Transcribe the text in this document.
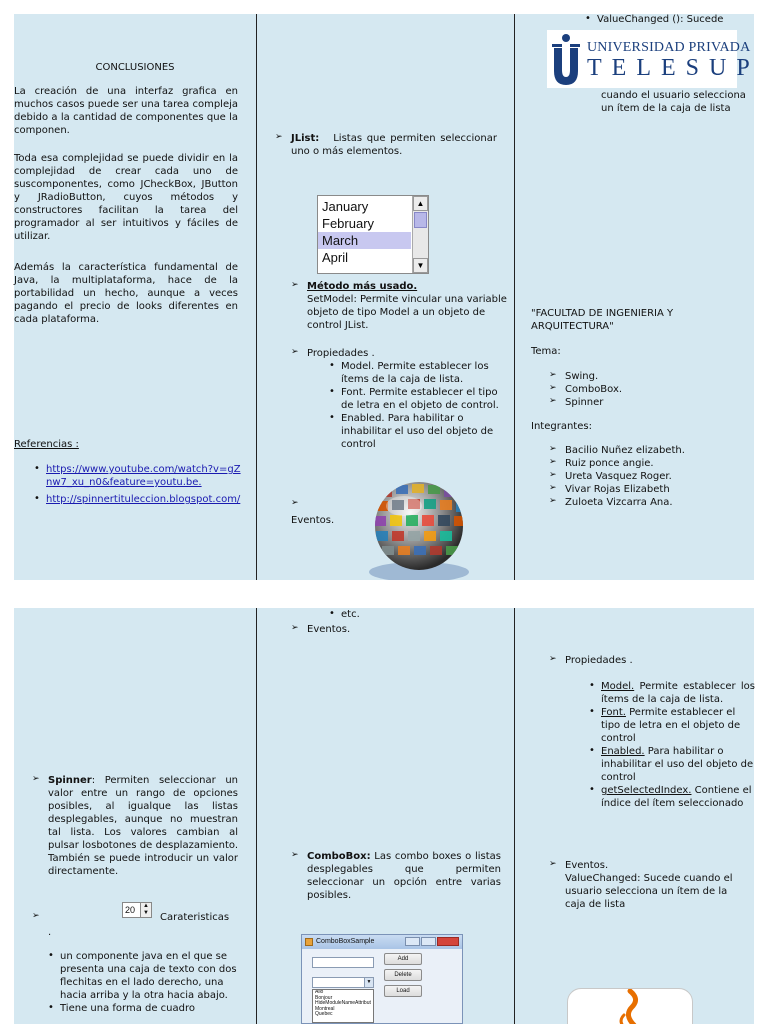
CONCLUSIONES

La creación de una interfaz grafica en muchos casos puede ser una tarea compleja debido a la cantidad de componentes que la componen.

Toda esa complejidad se puede dividir en la complejidad de crear cada uno de suscomponentes, como JCheckBox, JButton y JRadioButton, cuyos métodos y constructores facilitan la tarea del programador al ser intuitivos y fáciles de utilizar.

Además la característica fundamental de Java, la multiplataforma, hace de la portabilidad un hecho, aunque a veces pagando el precio de looks diferentes en cada plataforma.

Referencias :
• https://www.youtube.com/watch?v=gZnw7_xu_n0&feature=youtu.be.
• http://spinnertituleccion.blogspot.com/
➢ JList: Listas que permiten seleccionar uno o más elementos.

January
February
March
April
▲
▼
➢ Método más usado.
SetModel: Permite vincular una variable objeto de tipo Model a un objeto de control JList.
➢ Propiedades .
• Model. Permite establecer los ítems de la caja de lista.
• Font. Permite establecer el tipo de letra en el objeto de control.
• Enabled. Para habilitar o inhabilitar el uso del objeto de control
➢
Eventos.
• ValueChanged (): Sucede
UNIVERSIDAD PRIVADA
TELESUP

cuando el usuario selecciona un ítem de la caja de lista

"FACULTAD DE INGENIERIA Y ARQUITECTURA"

Tema:
➢ Swing.
➢ ComboBox.
➢ Spinner
Integrantes:
➢ Bacilio Nuñez elizabeth.
➢ Ruiz ponce angie.
➢ Ureta Vasquez Roger.
➢ Vivar Rojas Elizabeth
➢ Zuloeta Vizcarra Ana.
➢ Spinner: Permiten seleccionar un valor entre un rango de opciones posibles, al igualque las listas desplegables, aunque no muestran tal lista. Los valores cambian al pulsar losbotones de desplazamiento. También se puede introducir un valor directamente.

➢
20	▲
▼ Carateristicas
.
• un componente java en el que se presenta una caja de texto con dos flechitas en el lado derecho, una hacia arriba y la otra hacia abajo.
• Tiene una forma de cuadro
• etc.
➢ Eventos.
➢ ComboBox: Las combo boxes o listas desplegables que permiten seleccionar un opción entre varias posibles.

ComboBoxSample
Add
Delete
▼
Load
Allo
Bonjour
HideModuleNameAttribut
Montreal
Quebec
➢ Propiedades .
• Model. Permite establecer los ítems de la caja de lista.
• Font. Permite establecer el tipo de letra en el objeto de control
• Enabled. Para habilitar o inhabilitar el uso del objeto de control
• getSelectedIndex. Contiene el índice del ítem seleccionado
➢ Eventos.
ValueChanged: Sucede cuando el usuario selecciona un ítem de la caja de lista
